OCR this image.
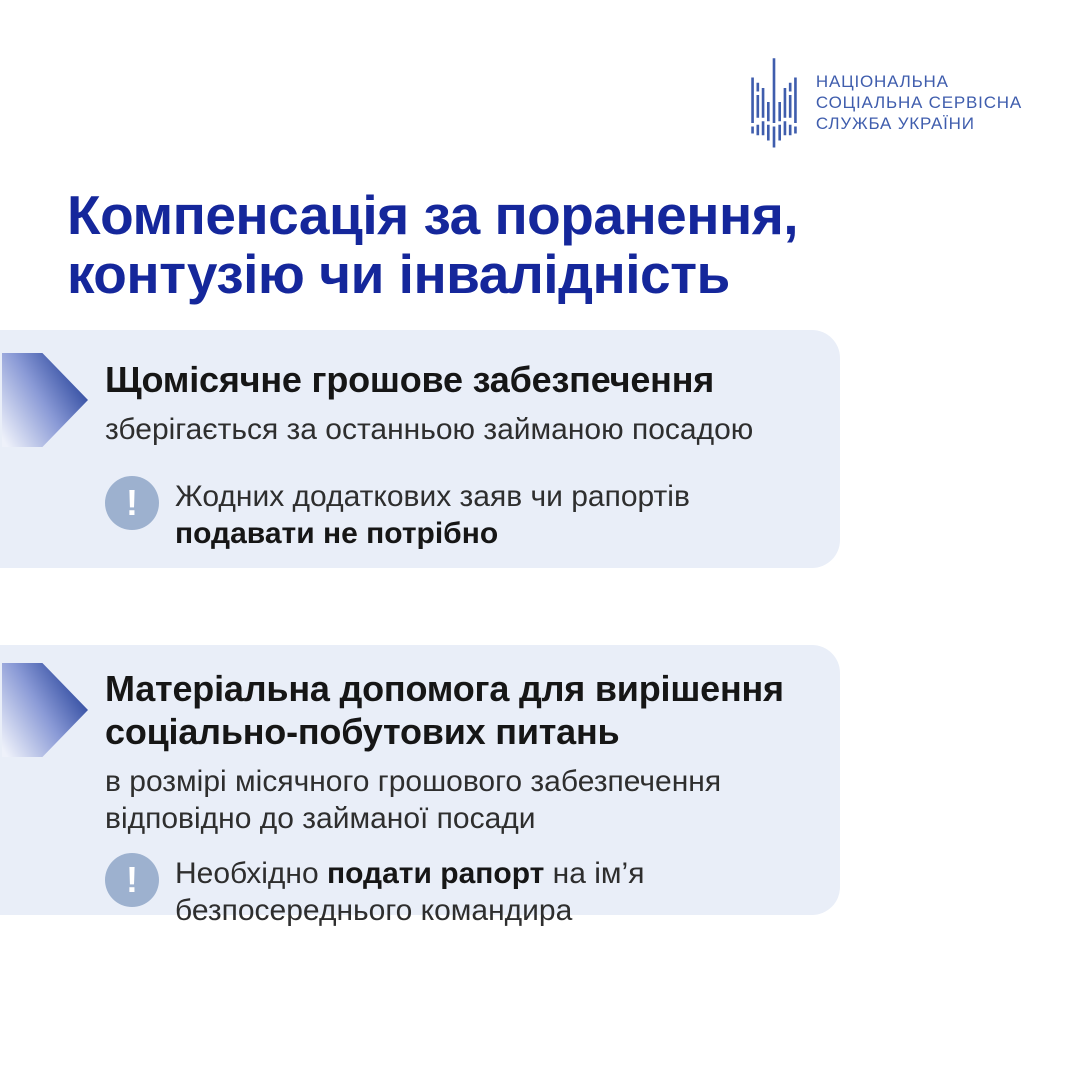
НАЦІОНАЛЬНА
СОЦІАЛЬНА СЕРВІСНА
СЛУЖБА УКРАЇНИ
Компенсація за поранення,
контузію чи інвалідність
Щомісячне грошове забезпечення

зберігається за останньою займаною посадою

! Жодних додаткових заяв чи рапортів
подавати не потрібно

Матеріальна допомога для вирішення
соціально-побутових питань

в розмірі місячного грошового забезпечення
відповідно до займаної посади

! Необхідно подати рапорт на ім’я безпосереднього командира
